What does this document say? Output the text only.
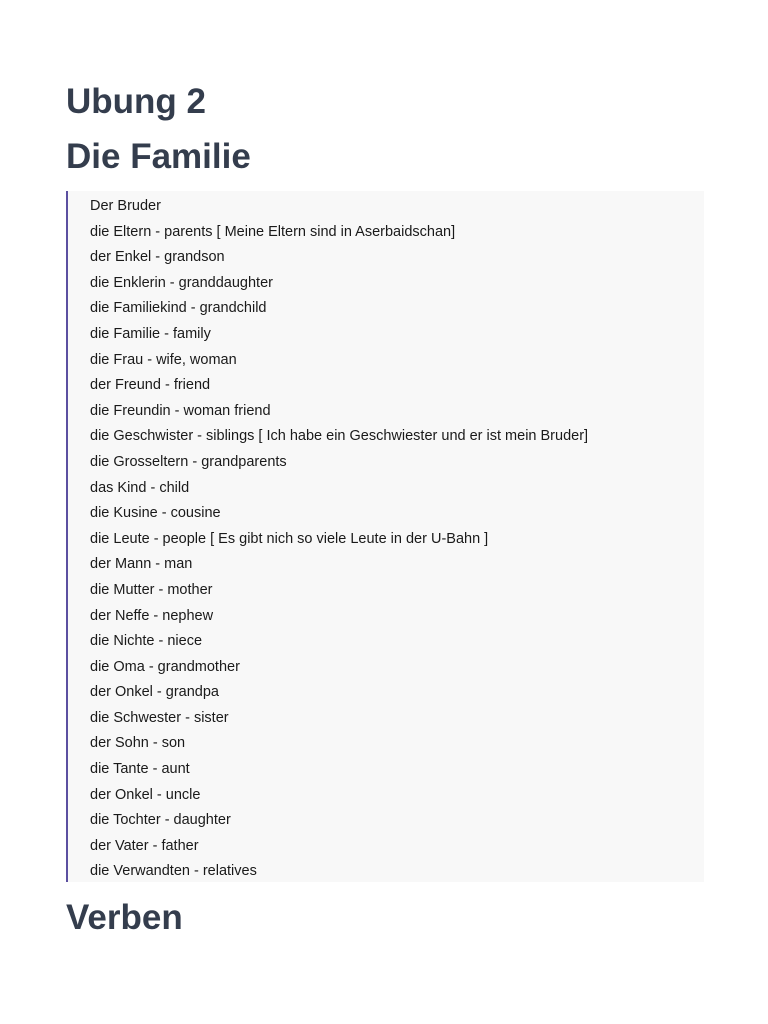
Ubung 2
Die Familie
Der Bruder
die Eltern - parents [ Meine Eltern sind in Aserbaidschan]
der Enkel - grandson
die Enklerin - granddaughter
die Familiekind - grandchild
die Familie - family
die Frau - wife, woman
der Freund - friend
die Freundin - woman friend
die Geschwister - siblings [ Ich habe ein Geschwiester und er ist mein Bruder]
die Grosseltern - grandparents
das Kind - child
die Kusine - cousine
die Leute - people [ Es gibt nich so viele Leute in der U-Bahn ]
der Mann - man
die Mutter - mother
der Neffe - nephew
die Nichte - niece
die Oma - grandmother
der Onkel - grandpa
die Schwester - sister
der Sohn - son
die Tante - aunt
der Onkel - uncle
die Tochter - daughter
der Vater - father
die Verwandten - relatives
Verben
